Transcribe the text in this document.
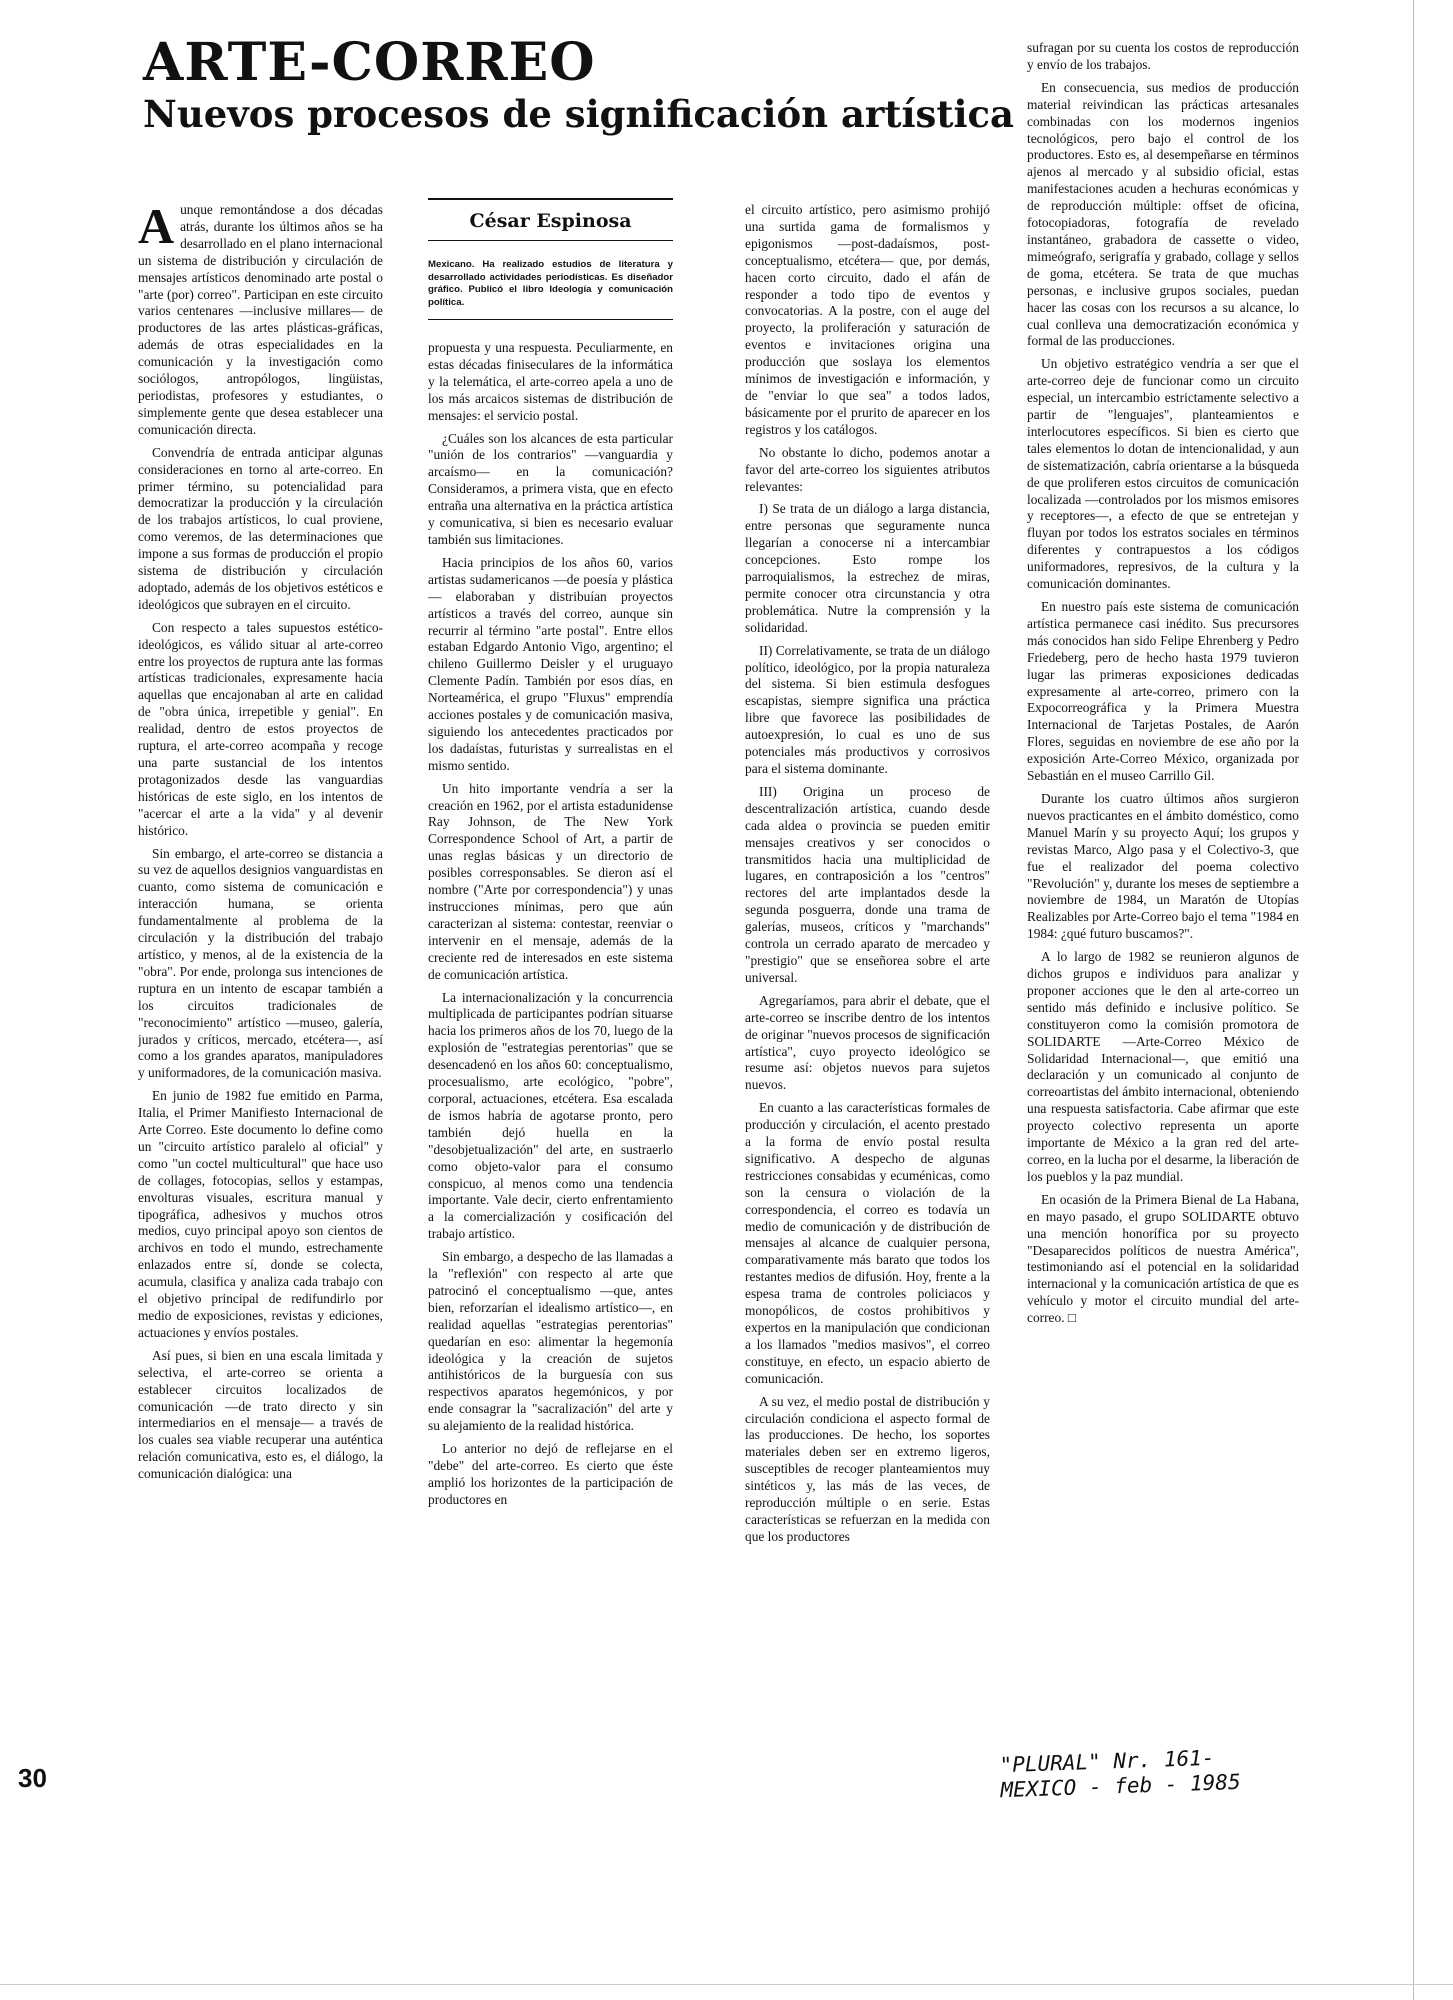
ARTE-CORREO
Nuevos procesos de significación artística

Aunque remontándose a dos décadas atrás, durante los últimos años se ha desarrollado en el plano internacional un sistema de distribución y circulación de mensajes artísticos denominado arte postal o "arte (por) correo". Participan en este circuito varios centenares —inclusive millares— de productores de las artes plásticas-gráficas, además de otras especialidades en la comunicación y la investigación como sociólogos, antropólogos, lingüistas, periodistas, profesores y estudiantes, o simplemente gente que desea establecer una comunicación directa.

Convendría de entrada anticipar algunas consideraciones en torno al arte-correo. En primer término, su potencialidad para democratizar la producción y la circulación de los trabajos artísticos, lo cual proviene, como veremos, de las determinaciones que impone a sus formas de producción el propio sistema de distribución y circulación adoptado, además de los objetivos estéticos e ideológicos que subrayen en el circuito.

Con respecto a tales supuestos estético-ideológicos, es válido situar al arte-correo entre los proyectos de ruptura ante las formas artísticas tradicionales, expresamente hacia aquellas que encajonaban al arte en calidad de "obra única, irrepetible y genial". En realidad, dentro de estos proyectos de ruptura, el arte-correo acompaña y recoge una parte sustancial de los intentos protagonizados desde las vanguardias históricas de este siglo, en los intentos de "acercar el arte a la vida" y al devenir histórico.

Sin embargo, el arte-correo se distancia a su vez de aquellos designios vanguardistas en cuanto, como sistema de comunicación e interacción humana, se orienta fundamentalmente al problema de la circulación y la distribución del trabajo artístico, y menos, al de la existencia de la "obra". Por ende, prolonga sus intenciones de ruptura en un intento de escapar también a los circuitos tradicionales de "reconocimiento" artístico —museo, galería, jurados y críticos, mercado, etcétera—, así como a los grandes aparatos, manipuladores y uniformadores, de la comunicación masiva.

En junio de 1982 fue emitido en Parma, Italia, el Primer Manifiesto Internacional de Arte Correo. Este documento lo define como un "circuito artístico paralelo al oficial" y como "un coctel multicultural" que hace uso de collages, fotocopias, sellos y estampas, envolturas visuales, escritura manual y tipográfica, adhesivos y muchos otros medios, cuyo principal apoyo son cientos de archivos en todo el mundo, estrechamente enlazados entre sí, donde se colecta, acumula, clasifica y analiza cada trabajo con el objetivo principal de redifundirlo por medio de exposiciones, revistas y ediciones, actuaciones y envíos postales.

Así pues, si bien en una escala limitada y selectiva, el arte-correo se orienta a establecer circuitos localizados de comunicación —de trato directo y sin intermediarios en el mensaje— a través de los cuales sea viable recuperar una auténtica relación comunicativa, esto es, el diálogo, la comunicación dialógica: una

César Espinosa
Mexicano. Ha realizado estudios de literatura y desarrollado actividades periodísticas. Es diseñador gráfico. Publicó el libro Ideología y comunicación política.

propuesta y una respuesta. Peculiarmente, en estas décadas finiseculares de la informática y la telemática, el arte-correo apela a uno de los más arcaicos sistemas de distribución de mensajes: el servicio postal.

¿Cuáles son los alcances de esta particular "unión de los contrarios" —vanguardia y arcaísmo— en la comunicación? Consideramos, a primera vista, que en efecto entraña una alternativa en la práctica artística y comunicativa, si bien es necesario evaluar también sus limitaciones.

Hacia principios de los años 60, varios artistas sudamericanos —de poesía y plástica— elaboraban y distribuían proyectos artísticos a través del correo, aunque sin recurrir al término "arte postal". Entre ellos estaban Edgardo Antonio Vigo, argentino; el chileno Guillermo Deisler y el uruguayo Clemente Padín. También por esos días, en Norteamérica, el grupo "Fluxus" emprendía acciones postales y de comunicación masiva, siguiendo los antecedentes practicados por los dadaístas, futuristas y surrealistas en el mismo sentido.

Un hito importante vendría a ser la creación en 1962, por el artista estadunidense Ray Johnson, de The New York Correspondence School of Art, a partir de unas reglas básicas y un directorio de posibles corresponsables. Se dieron así el nombre ("Arte por correspondencia") y unas instrucciones mínimas, pero que aún caracterizan al sistema: contestar, reenviar o intervenir en el mensaje, además de la creciente red de interesados en este sistema de comunicación artística.

La internacionalización y la concurrencia multiplicada de participantes podrían situarse hacia los primeros años de los 70, luego de la explosión de "estrategias perentorias" que se desencadenó en los años 60: conceptualismo, procesualismo, arte ecológico, "pobre", corporal, actuaciones, etcétera. Esa escalada de ismos habría de agotarse pronto, pero también dejó huella en la "desobjetualización" del arte, en sustraerlo como objeto-valor para el consumo conspicuo, al menos como una tendencia importante. Vale decir, cierto enfrentamiento a la comercialización y cosificación del trabajo artístico.

Sin embargo, a despecho de las llamadas a la "reflexión" con respecto al arte que patrocinó el conceptualismo —que, antes bien, reforzarían el idealismo artístico—, en realidad aquellas "estrategias perentorias" quedarían en eso: alimentar la hegemonía ideológica y la creación de sujetos antihistóricos de la burguesía con sus respectivos aparatos hegemónicos, y por ende consagrar la "sacralización" del arte y su alejamiento de la realidad histórica.

Lo anterior no dejó de reflejarse en el "debe" del arte-correo. Es cierto que éste amplió los horizontes de la participación de productores en

el circuito artístico, pero asimismo prohijó una surtida gama de formalismos y epigonismos —post-dadaísmos, post-conceptualismo, etcétera— que, por demás, hacen corto circuito, dado el afán de responder a todo tipo de eventos y convocatorias. A la postre, con el auge del proyecto, la proliferación y saturación de eventos e invitaciones origina una producción que soslaya los elementos mínimos de investigación e información, y de "enviar lo que sea" a todos lados, básicamente por el prurito de aparecer en los registros y los catálogos.

No obstante lo dicho, podemos anotar a favor del arte-correo los siguientes atributos relevantes:

I) Se trata de un diálogo a larga distancia, entre personas que seguramente nunca llegarían a conocerse ni a intercambiar concepciones. Esto rompe los parroquialismos, la estrechez de miras, permite conocer otra circunstancia y otra problemática. Nutre la comprensión y la solidaridad.

II) Correlativamente, se trata de un diálogo político, ideológico, por la propia naturaleza del sistema. Si bien estimula desfogues escapistas, siempre significa una práctica libre que favorece las posibilidades de autoexpresión, lo cual es uno de sus potenciales más productivos y corrosivos para el sistema dominante.

III) Origina un proceso de descentralización artística, cuando desde cada aldea o provincia se pueden emitir mensajes creativos y ser conocidos o transmitidos hacia una multiplicidad de lugares, en contraposición a los "centros" rectores del arte implantados desde la segunda posguerra, donde una trama de galerías, museos, críticos y "marchands" controla un cerrado aparato de mercadeo y "prestigio" que se enseñorea sobre el arte universal.

Agregaríamos, para abrir el debate, que el arte-correo se inscribe dentro de los intentos de originar "nuevos procesos de significación artística", cuyo proyecto ideológico se resume así: objetos nuevos para sujetos nuevos.

En cuanto a las características formales de producción y circulación, el acento prestado a la forma de envío postal resulta significativo. A despecho de algunas restricciones consabidas y ecuménicas, como son la censura o violación de la correspondencia, el correo es todavía un medio de comunicación y de distribución de mensajes al alcance de cualquier persona, comparativamente más barato que todos los restantes medios de difusión. Hoy, frente a la espesa trama de controles policiacos y monopólicos, de costos prohibitivos y expertos en la manipulación que condicionan a los llamados "medios masivos", el correo constituye, en efecto, un espacio abierto de comunicación.

A su vez, el medio postal de distribución y circulación condiciona el aspecto formal de las producciones. De hecho, los soportes materiales deben ser en extremo ligeros, susceptibles de recoger planteamientos muy sintéticos y, las más de las veces, de reproducción múltiple o en serie. Estas características se refuerzan en la medida con que los productores

sufragan por su cuenta los costos de reproducción y envío de los trabajos.

En consecuencia, sus medios de producción material reivindican las prácticas artesanales combinadas con los modernos ingenios tecnológicos, pero bajo el control de los productores. Esto es, al desempeñarse en términos ajenos al mercado y al subsidio oficial, estas manifestaciones acuden a hechuras económicas y de reproducción múltiple: offset de oficina, fotocopiadoras, fotografía de revelado instantáneo, grabadora de cassette o video, mimeógrafo, serigrafía y grabado, collage y sellos de goma, etcétera. Se trata de que muchas personas, e inclusive grupos sociales, puedan hacer las cosas con los recursos a su alcance, lo cual conlleva una democratización económica y formal de las producciones.

Un objetivo estratégico vendría a ser que el arte-correo deje de funcionar como un circuito especial, un intercambio estrictamente selectivo a partir de "lenguajes", planteamientos e interlocutores específicos. Si bien es cierto que tales elementos lo dotan de intencionalidad, y aun de sistematización, cabría orientarse a la búsqueda de que proliferen estos circuitos de comunicación localizada —controlados por los mismos emisores y receptores—, a efecto de que se entretejan y fluyan por todos los estratos sociales en términos diferentes y contrapuestos a los códigos uniformadores, represivos, de la cultura y la comunicación dominantes.

En nuestro país este sistema de comunicación artística permanece casi inédito. Sus precursores más conocidos han sido Felipe Ehrenberg y Pedro Friedeberg, pero de hecho hasta 1979 tuvieron lugar las primeras exposiciones dedicadas expresamente al arte-correo, primero con la Expocorreográfica y la Primera Muestra Internacional de Tarjetas Postales, de Aarón Flores, seguidas en noviembre de ese año por la exposición Arte-Correo México, organizada por Sebastián en el museo Carrillo Gil.

Durante los cuatro últimos años surgieron nuevos practicantes en el ámbito doméstico, como Manuel Marín y su proyecto Aquí; los grupos y revistas Marco, Algo pasa y el Colectivo-3, que fue el realizador del poema colectivo "Revolución" y, durante los meses de septiembre a noviembre de 1984, un Maratón de Utopías Realizables por Arte-Correo bajo el tema "1984 en 1984: ¿qué futuro buscamos?".

A lo largo de 1982 se reunieron algunos de dichos grupos e individuos para analizar y proponer acciones que le den al arte-correo un sentido más definido e inclusive político. Se constituyeron como la comisión promotora de SOLIDARTE —Arte-Correo México de Solidaridad Internacional—, que emitió una declaración y un comunicado al conjunto de correoartistas del ámbito internacional, obteniendo una respuesta satisfactoria. Cabe afirmar que este proyecto colectivo representa un aporte importante de México a la gran red del arte-correo, en la lucha por el desarme, la liberación de los pueblos y la paz mundial.

En ocasión de la Primera Bienal de La Habana, en mayo pasado, el grupo SOLIDARTE obtuvo una mención honorífica por su proyecto "Desaparecidos políticos de nuestra América", testimoniando así el potencial en la solidaridad internacional y la comunicación artística de que es vehículo y motor el circuito mundial del arte-correo. □

30
"PLURAL" Nr. 161-
MEXICO - feb - 1985
